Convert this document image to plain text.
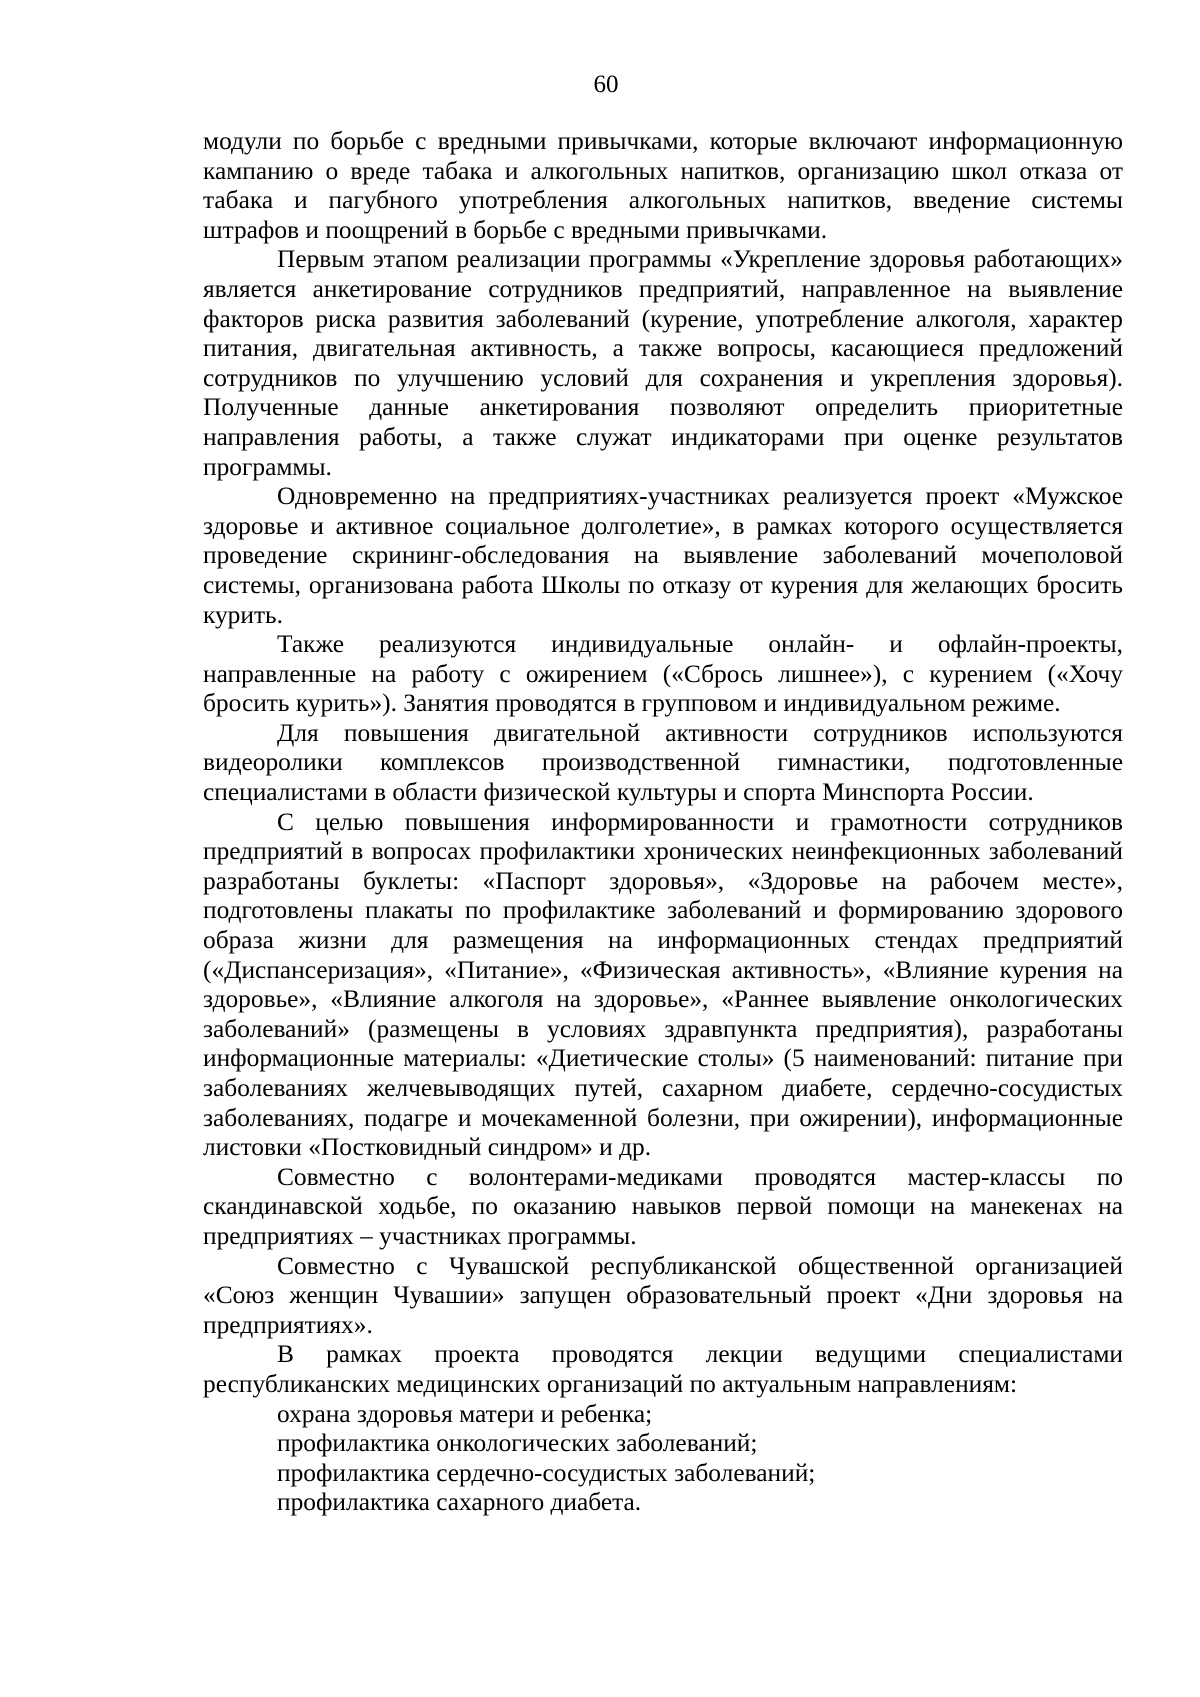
60

модули по борьбе с вредными привычками, которые включают информационную кампанию о вреде табака и алкогольных напитков, организацию школ отказа от табака и пагубного употребления алкогольных напитков, введение системы штрафов и поощрений в борьбе с вредными привычками.

Первым этапом реализации программы «Укрепление здоровья работающих» является анкетирование сотрудников предприятий, направленное на выявление факторов риска развития заболеваний (курение, употребление алкоголя, характер питания, двигательная активность, а также вопросы, касающиеся предложений сотрудников по улучшению условий для сохранения и укрепления здоровья). Полученные данные анкетирования позволяют определить приоритетные направления работы, а также служат индикаторами при оценке результатов программы.

Одновременно на предприятиях-участниках реализуется проект «Мужское здоровье и активное социальное долголетие», в рамках которого осуществляется проведение скрининг-обследования на выявление заболеваний мочеполовой системы, организована работа Школы по отказу от курения для желающих бросить курить.

Также реализуются индивидуальные онлайн- и офлайн-проекты, направленные на работу с ожирением («Сбрось лишнее»), с курением («Хочу бросить курить»). Занятия проводятся в групповом и индивидуальном режиме.

Для повышения двигательной активности сотрудников используются видеоролики комплексов производственной гимнастики, подготовленные специалистами в области физической культуры и спорта Минспорта России.

С целью повышения информированности и грамотности сотрудников предприятий в вопросах профилактики хронических неинфекционных заболеваний разработаны буклеты: «Паспорт здоровья», «Здоровье на рабочем месте», подготовлены плакаты по профилактике заболеваний и формированию здорового образа жизни для размещения на информационных стендах предприятий («Диспансеризация», «Питание», «Физическая активность», «Влияние курения на здоровье», «Влияние алкоголя на здоровье», «Раннее выявление онкологических заболеваний» (размещены в условиях здравпункта предприятия), разработаны информационные материалы: «Диетические столы» (5 наименований: питание при заболеваниях желчевыводящих путей, сахарном диабете, сердечно-сосудистых заболеваниях, подагре и мочекаменной болезни, при ожирении), информационные листовки «Постковидный синдром» и др.

Совместно с волонтерами-медиками проводятся мастер-классы по скандинавской ходьбе, по оказанию навыков первой помощи на манекенах на предприятиях – участниках программы.

Совместно с Чувашской республиканской общественной организацией «Союз женщин Чувашии» запущен образовательный проект «Дни здоровья на предприятиях».

В рамках проекта проводятся лекции ведущими специалистами республиканских медицинских организаций по актуальным направлениям:

охрана здоровья матери и ребенка;
профилактика онкологических заболеваний;
профилактика сердечно-сосудистых заболеваний;
профилактика сахарного диабета.
